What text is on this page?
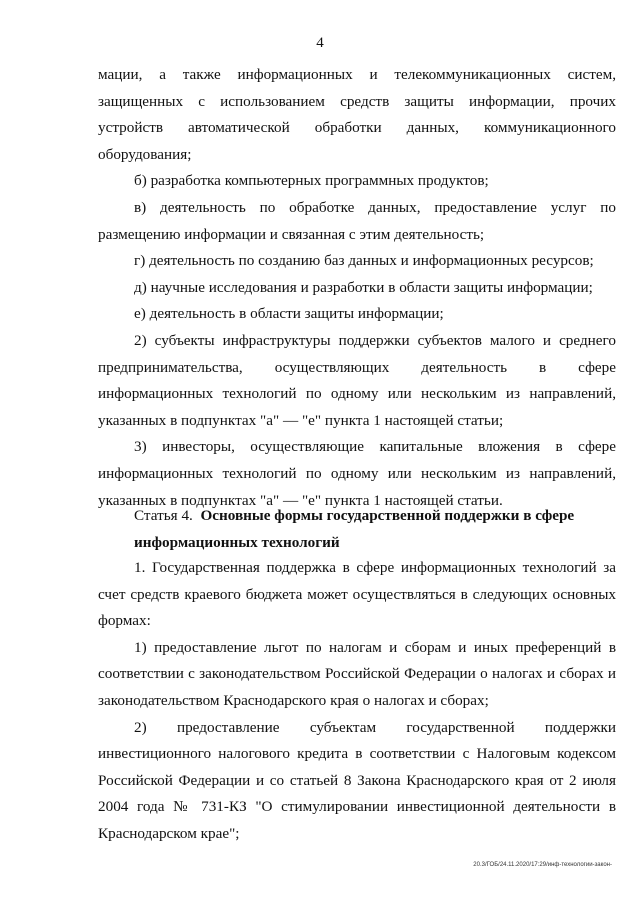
4

мации, а также информационных и телекоммуникационных систем, защищенных с использованием средств защиты информации, прочих устройств автоматической обработки данных, коммуникационного оборудования;

б) разработка компьютерных программных продуктов;

в) деятельность по обработке данных, предоставление услуг по размещению информации и связанная с этим деятельность;

г) деятельность по созданию баз данных и информационных ресурсов;

д) научные исследования и разработки в области защиты информации;

е) деятельность в области защиты информации;

2) субъекты инфраструктуры поддержки субъектов малого и среднего предпринимательства, осуществляющих деятельность в сфере информационных технологий по одному или нескольким из направлений, указанных в подпунктах "а" — "е" пункта 1 настоящей статьи;

3) инвесторы, осуществляющие капитальные вложения в сфере информационных технологий по одному или нескольким из направлений, указанных в подпунктах "а" — "е" пункта 1 настоящей статьи.

Статья 4. Основные формы государственной поддержки в сфере информационных технологий

1. Государственная поддержка в сфере информационных технологий за счет средств краевого бюджета может осуществляться в следующих основных формах:

1) предоставление льгот по налогам и сборам и иных преференций в соответствии с законодательством Российской Федерации о налогах и сборах и законодательством Краснодарского края о налогах и сборах;

2) предоставление субъектам государственной поддержки инвестиционного налогового кредита в соответствии с Налоговым кодексом Российской Федерации и со статьей 8 Закона Краснодарского края от 2 июля 2004 года № 731-КЗ "О стимулировании инвестиционной деятельности в Краснодарском крае";

20.3/ГОБ/24.11.2020/17:29/инф-технологии-закон-
